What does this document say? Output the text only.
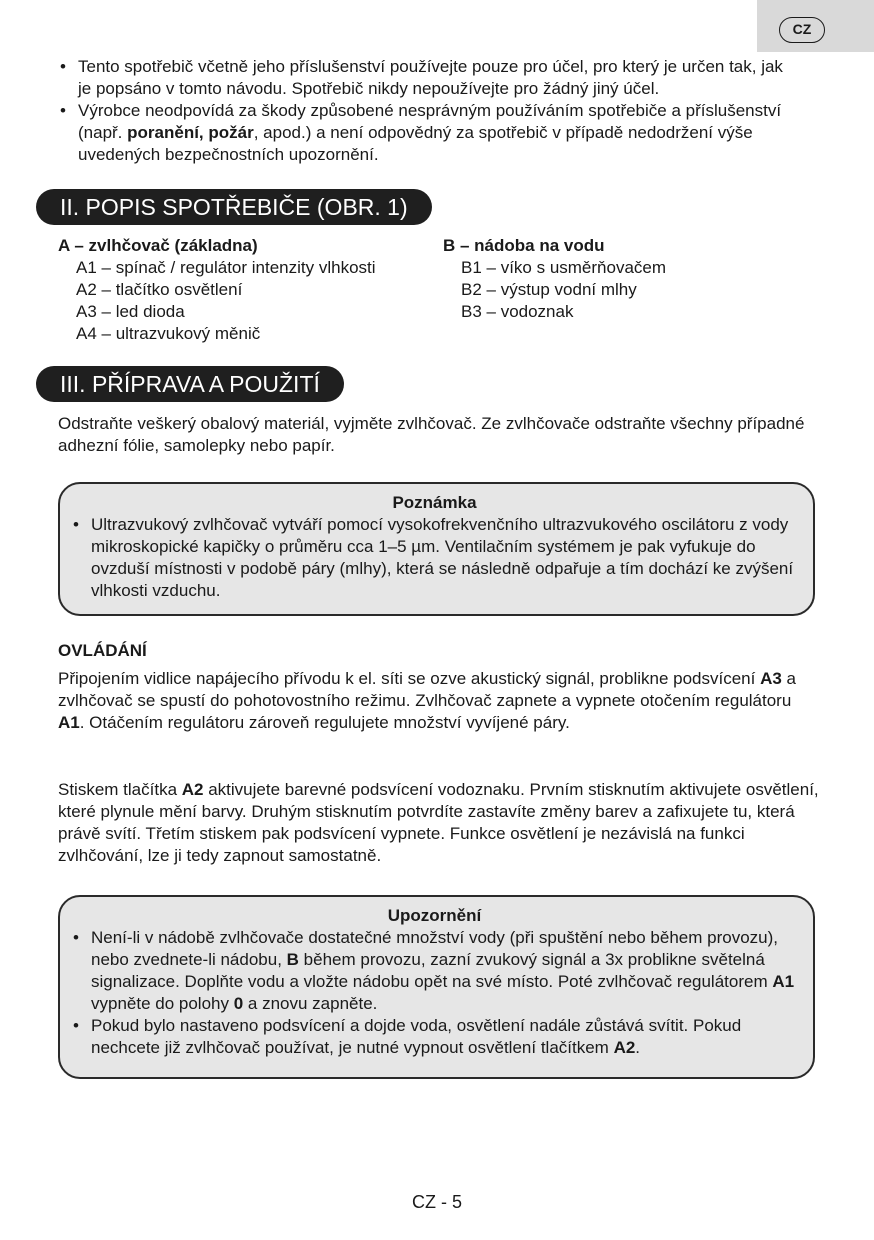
CZ
• Tento spotřebič včetně jeho příslušenství používejte pouze pro účel, pro který je určen tak, jak je popsáno v tomto návodu. Spotřebič nikdy nepoužívejte pro žádný jiný účel.
• Výrobce neodpovídá za škody způsobené nesprávným používáním spotřebiče a příslušenství (např. poranění, požár, apod.) a není odpovědný za spotřebič v případě nedodržení výše uvedených bezpečnostních upozornění.
II. POPIS SPOTŘEBIČE (OBR. 1)
A – zvlhčovač (základna)
A1 – spínač / regulátor intenzity vlhkosti
A2 – tlačítko osvětlení
A3 – led dioda
A4 – ultrazvukový měnič
B – nádoba na vodu
B1 – víko s usměrňovačem
B2 – výstup vodní mlhy
B3 – vodoznak
III. PŘÍPRAVA A POUŽITÍ

Odstraňte veškerý obalový materiál, vyjměte zvlhčovač. Ze zvlhčovače odstraňte všechny případné adhezní fólie, samolepky nebo papír.

Poznámka
• Ultrazvukový zvlhčovač vytváří pomocí vysokofrekvenčního ultrazvukového oscilátoru z vody mikroskopické kapičky o průměru cca 1–5 µm. Ventilačním systémem je pak vyfukuje do ovzduší místnosti v podobě páry (mlhy), která se následně odpařuje a tím dochází ke zvýšení vlhkosti vzduchu.
OVLÁDÁNÍ

Připojením vidlice napájecího přívodu k el. síti se ozve akustický signál, problikne podsvícení A3 a zvlhčovač se spustí do pohotovostního režimu. Zvlhčovač zapnete a vypnete otočením regulátoru A1. Otáčením regulátoru zároveň regulujete množství vyvíjené páry.

Stiskem tlačítka A2 aktivujete barevné podsvícení vodoznaku. Prvním stisknutím aktivujete osvětlení, které plynule mění barvy. Druhým stisknutím potvrdíte zastavíte změny barev a zafixujete tu, která právě svítí. Třetím stiskem pak podsvícení vypnete. Funkce osvětlení je nezávislá na funkci zvlhčování, lze ji tedy zapnout samostatně.

Upozornění
• Není-li v nádobě zvlhčovače dostatečné množství vody (při spuštění nebo během provozu), nebo zvednete-li nádobu, B během provozu, zazní zvukový signál a 3x problikne světelná signalizace. Doplňte vodu a vložte nádobu opět na své místo. Poté zvlhčovač regulátorem A1 vypněte do polohy 0 a znovu zapněte.
• Pokud bylo nastaveno podsvícení a dojde voda, osvětlení nadále zůstává svítit. Pokud nechcete již zvlhčovač používat, je nutné vypnout osvětlení tlačítkem A2.
CZ - 5
